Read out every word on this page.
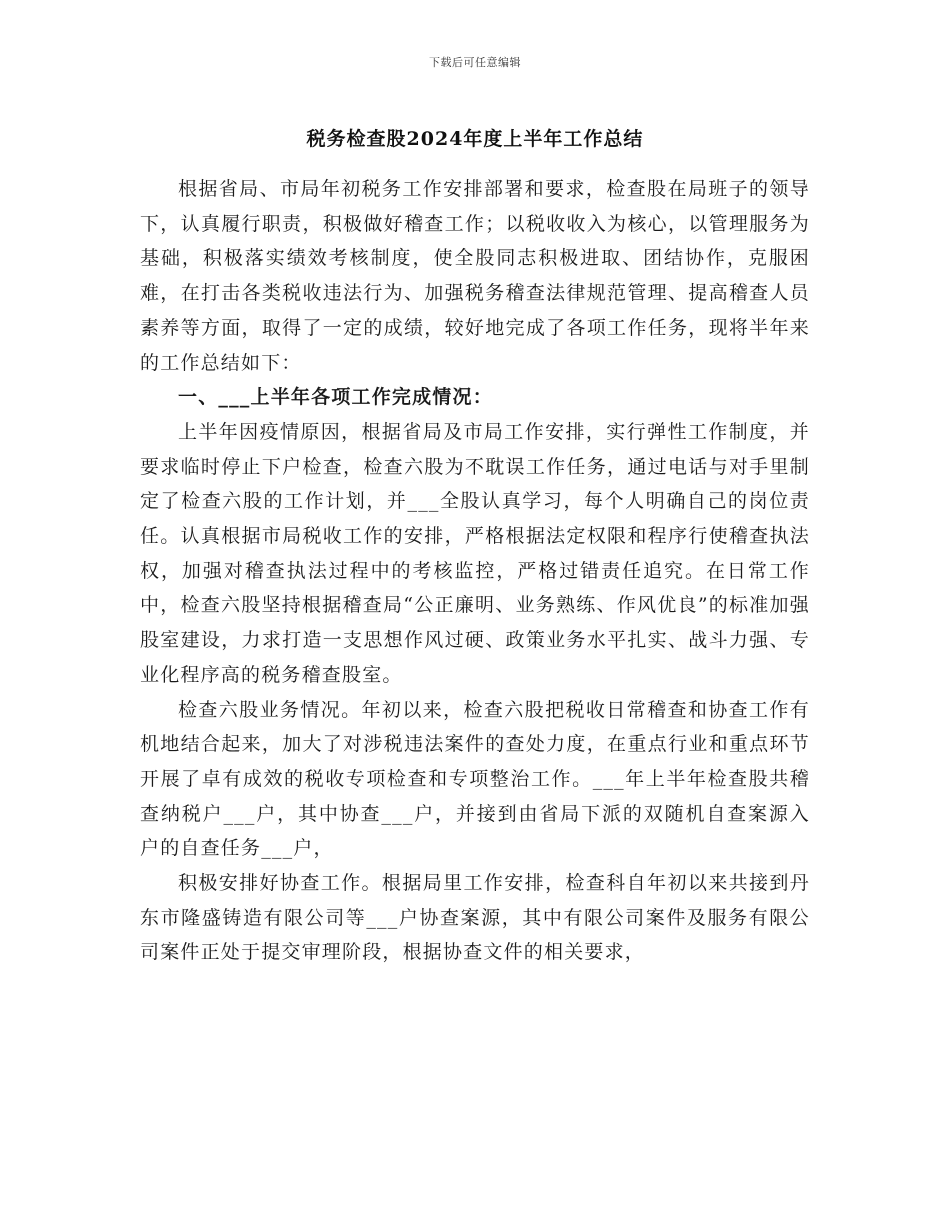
下载后可任意编辑
税务检查股2024年度上半年工作总结

根据省局、市局年初税务工作安排部署和要求，检查股在局班子的领导下，认真履行职责，积极做好稽查工作；以税收收入为核心，以管理服务为基础，积极落实绩效考核制度，使全股同志积极进取、团结协作，克服困难，在打击各类税收违法行为、加强税务稽查法律规范管理、提高稽查人员素养等方面，取得了一定的成绩，较好地完成了各项工作任务，现将半年来的工作总结如下：

一、___上半年各项工作完成情况：

上半年因疫情原因，根据省局及市局工作安排，实行弹性工作制度，并要求临时停止下户检查，检查六股为不耽误工作任务，通过电话与对手里制定了检查六股的工作计划，并___全股认真学习，每个人明确自己的岗位责任。认真根据市局税收工作的安排，严格根据法定权限和程序行使稽查执法权，加强对稽查执法过程中的考核监控，严格过错责任追究。在日常工作中，检查六股坚持根据稽查局“公正廉明、业务熟练、作风优良”的标准加强股室建设，力求打造一支思想作风过硬、政策业务水平扎实、战斗力强、专业化程序高的税务稽查股室。

检查六股业务情况。年初以来，检查六股把税收日常稽查和协查工作有机地结合起来，加大了对涉税违法案件的查处力度，在重点行业和重点环节开展了卓有成效的税收专项检查和专项整治工作。___年上半年检查股共稽查纳税户___户，其中协查___户，并接到由省局下派的双随机自查案源入户的自查任务___户，

积极安排好协查工作。根据局里工作安排，检查科自年初以来共接到丹东市隆盛铸造有限公司等___户协查案源，其中有限公司案件及服务有限公司案件正处于提交审理阶段，根据协查文件的相关要求，
